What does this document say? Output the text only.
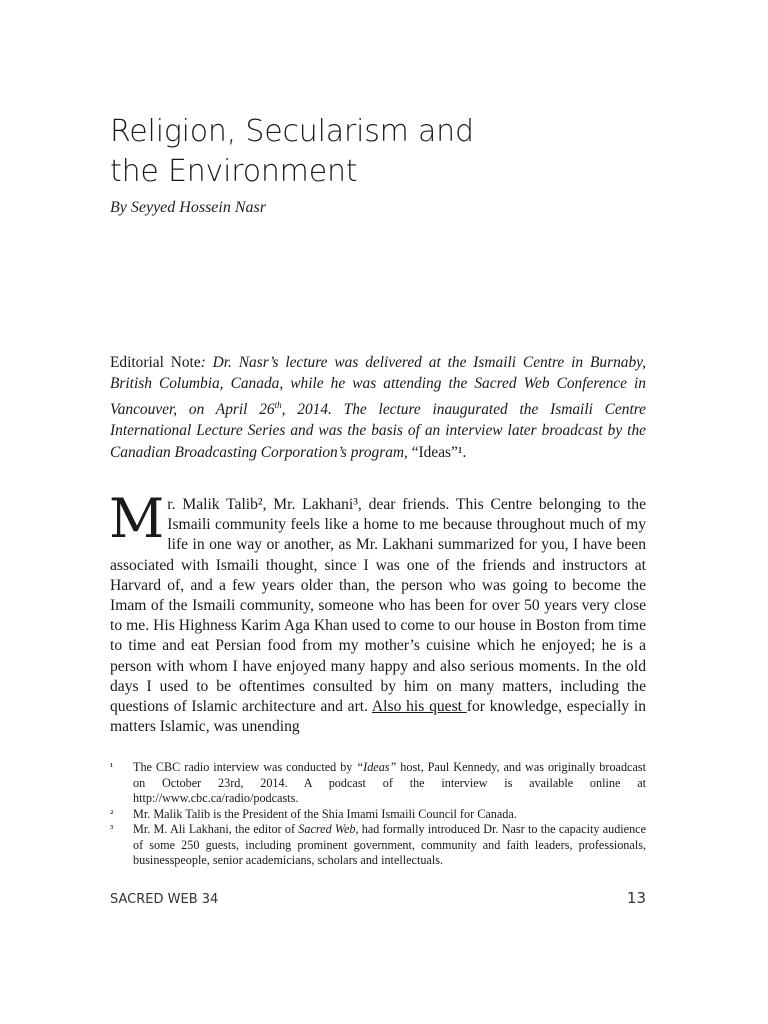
Religion, Secularism and
the Environment
By Seyyed Hossein Nasr
Editorial Note: Dr. Nasr’s lecture was delivered at the Ismaili Centre in Burnaby, British Columbia, Canada, while he was attending the Sacred Web Conference in Vancouver, on April 26th, 2014. The lecture inaugurated the Ismaili Centre International Lecture Series and was the basis of an interview later broadcast by the Canadian Broadcasting Corporation’s program, “Ideas”¹.
Mr. Malik Talib², Mr. Lakhani³, dear friends. This Centre belonging to the Ismaili community feels like a home to me because throughout much of my life in one way or another, as Mr. Lakhani summarized for you, I have been associated with Ismaili thought, since I was one of the friends and instructors at Harvard of, and a few years older than, the person who was going to become the Imam of the Ismaili community, someone who has been for over 50 years very close to me. His Highness Karim Aga Khan used to come to our house in Boston from time to time and eat Persian food from my mother’s cuisine which he enjoyed; he is a person with whom I have enjoyed many happy and also serious moments. In the old days I used to be oftentimes consulted by him on many matters, including the questions of Islamic architecture and art. Also his quest for knowledge, especially in matters Islamic, was unending
¹	The CBC radio interview was conducted by “Ideas” host, Paul Kennedy, and was originally broadcast on October 23rd, 2014. A podcast of the interview is available online at http://www.cbc.ca/radio/podcasts.
²	Mr. Malik Talib is the President of the Shia Imami Ismaili Council for Canada.
³	Mr. M. Ali Lakhani, the editor of Sacred Web, had formally introduced Dr. Nasr to the capacity audience of some 250 guests, including prominent government, community and faith leaders, professionals, businesspeople, senior academicians, scholars and intellectuals.
SACRED WEB 34	13
